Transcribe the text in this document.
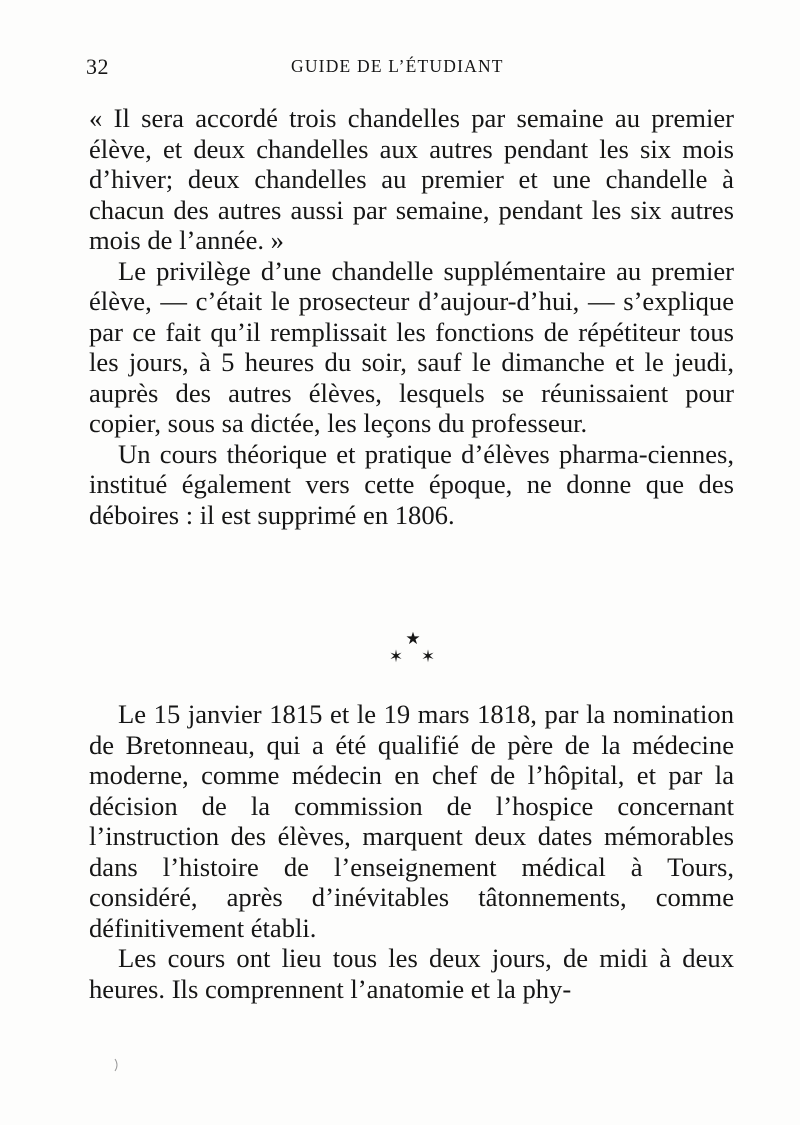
32	GUIDE DE L’ÉTUDIANT

« Il sera accordé trois chandelles par semaine au premier élève, et deux chandelles aux autres pendant les six mois d’hiver; deux chandelles au premier et une chandelle à chacun des autres aussi par semaine, pendant les six autres mois de l’année. »

Le privilège d’une chandelle supplémentaire au premier élève, — c’était le prosecteur d’aujour-d’hui, — s’explique par ce fait qu’il remplissait les fonctions de répétiteur tous les jours, à 5 heures du soir, sauf le dimanche et le jeudi, auprès des autres élèves, lesquels se réunissaient pour copier, sous sa dictée, les leçons du professeur.

Un cours théorique et pratique d’élèves pharma-ciennes, institué également vers cette époque, ne donne que des déboires : il est supprimé en 1806.

★
✶ ✶

Le 15 janvier 1815 et le 19 mars 1818, par la nomination de Bretonneau, qui a été qualifié de père de la médecine moderne, comme médecin en chef de l’hôpital, et par la décision de la commission de l’hospice concernant l’instruction des élèves, marquent deux dates mémorables dans l’histoire de l’enseignement médical à Tours, considéré, après d’inévitables tâtonnements, comme définitivement établi.

Les cours ont lieu tous les deux jours, de midi à deux heures. Ils comprennent l’anatomie et la phy-
